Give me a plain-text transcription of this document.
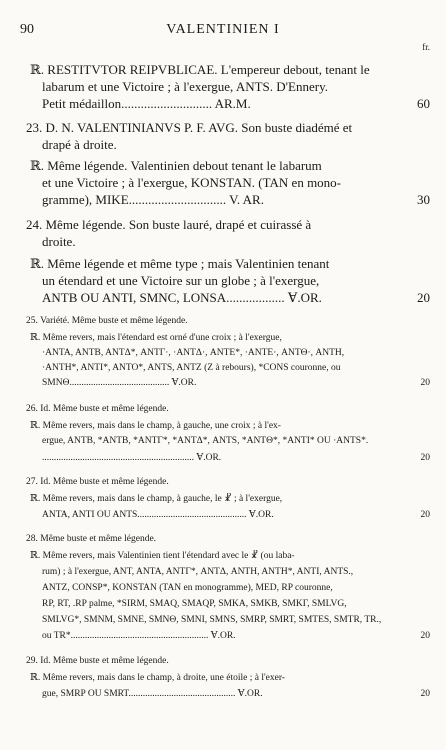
90	VALENTINIEN I
fr.
ℝ. RESTITVTOR REIPVBLICAE. L'empereur debout, tenant le
labarum et une Victoire ; à l'exergue, ANTS. D'Ennery.
Petit médaillon............................ AR.M.	60
23. D. N. VALENTINIANVS P. F. AVG. Son buste diadémé et
drapé à droite.
ℝ. Même légende. Valentinien debout tenant le labarum
et une Victoire ; à l'exergue, KONSTAN. (TAN en mono-
gramme), MIKE.............................. V. AR.	30
24. Même légende. Son buste lauré, drapé et cuirassé à
droite.
ℝ. Même légende et même type ; mais Valentinien tenant
un étendard et une Victoire sur un globe ; à l'exergue,
ANTB OU ANTI, SMNC, LONSA.................. Ɐ.OR.	20
25. Variété. Même buste et même légende.
ℝ. Même revers, mais l'étendard est orné d'une croix ; à l'exergue,
·ANTA, ANTB, ANTΔ*, ANTΓ·, ·ANTΔ·, ANTΕ*, ·ANTΕ·, ANTΘ·, ANTH,
·ANTH*, ANTI*, ANTO*, ANTS, ANTZ (Z à rebours), *CONS couronne, ou
SMNΘ.......................................... Ɐ.OR.	20
26. Id. Même buste et même légende.
ℝ. Même revers, mais dans le champ, à gauche, une croix ; à l'ex-
ergue, ANTB, *ANTB, *ANTΓ*, *ANTΔ*, ANTS, *ANTΘ*, *ANTI* OU ·ANTS*.
................................................................ Ɐ.OR.	20
27. Id. Même buste et même légende.
ℝ. Même revers, mais dans le champ, à gauche, le ☧ ; à l'exergue,
ANTA, ANTI OU ANTS.............................................. Ɐ.OR.	20
28. Même buste et même légende.
ℝ. Même revers, mais Valentinien tient l'étendard avec le ☧ (ou laba-
rum) ; à l'exergue, ANT, ANTA, ANTΓ*, ANTΔ, ANTH, ANTH*, ANTI, ANTS.,
ANTZ, CONSP*, KONSTAN (TAN en monogramme), MED, RP couronne,
RP, RT, .RP palme, *SIRM, SMAQ, SMAQP, SMKA, SMKB, SMKΓ, SMLVG,
SMLVG*, SMNM, SMNE, SMNΘ, SMNI, SMNS, SMRP, SMRT, SMTES, SMTR, TR.,
ou TR*.......................................................... Ɐ.OR.	20
29. Id. Même buste et même légende.
ℝ. Même revers, mais dans le champ, à droite, une étoile ; à l'exer-
gue, SMRP OU SMRT............................................. Ɐ.OR.	20
